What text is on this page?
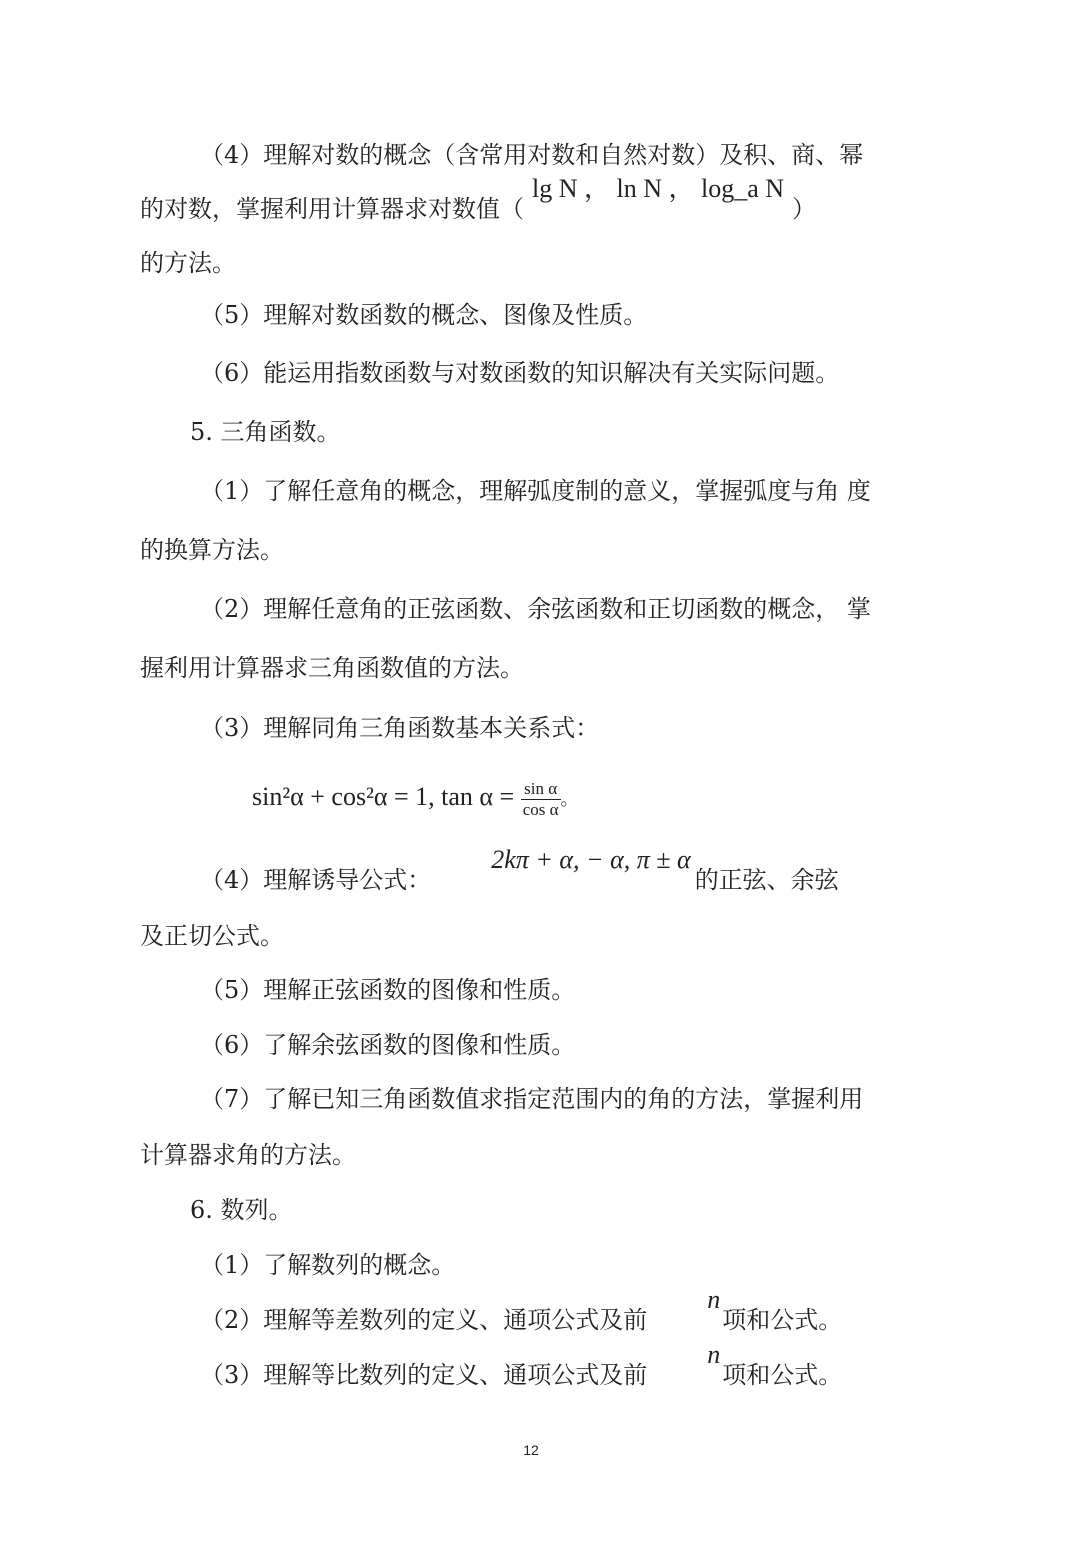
（4）理解对数的概念（含常用对数和自然对数）及积、商、幂
的对数，掌握利用计算器求对数值（lg N ， ln N ， log_a N）
的方法。
（5）理解对数函数的概念、图像及性质。
（6）能运用指数函数与对数函数的知识解决有关实际问题。
5. 三角函数。
（1）了解任意角的概念，理解弧度制的意义，掌握弧度与角 度
的换算方法。
（2）理解任意角的正弦函数、余弦函数和正切函数的概念， 掌
握利用计算器求三角函数值的方法。
（3）理解同角三角函数基本关系式：
sin²α + cos²α = 1, $\tan \alpha = \frac{\text{sin α}}{\text{cos α}}$ 。
（4）理解诱导公式：2kπ + α, − α, π ± α的正弦、余弦
及正切公式。
（5）理解正弦函数的图像和性质。
（6）了解余弦函数的图像和性质。
（7）了解已知三角函数值求指定范围内的角的方法，掌握利用
计算器求角的方法。
6. 数列。
（1）了解数列的概念。
（2）理解等差数列的定义、通项公式及前n项和公式。
（3）理解等比数列的定义、通项公式及前n项和公式。
12
